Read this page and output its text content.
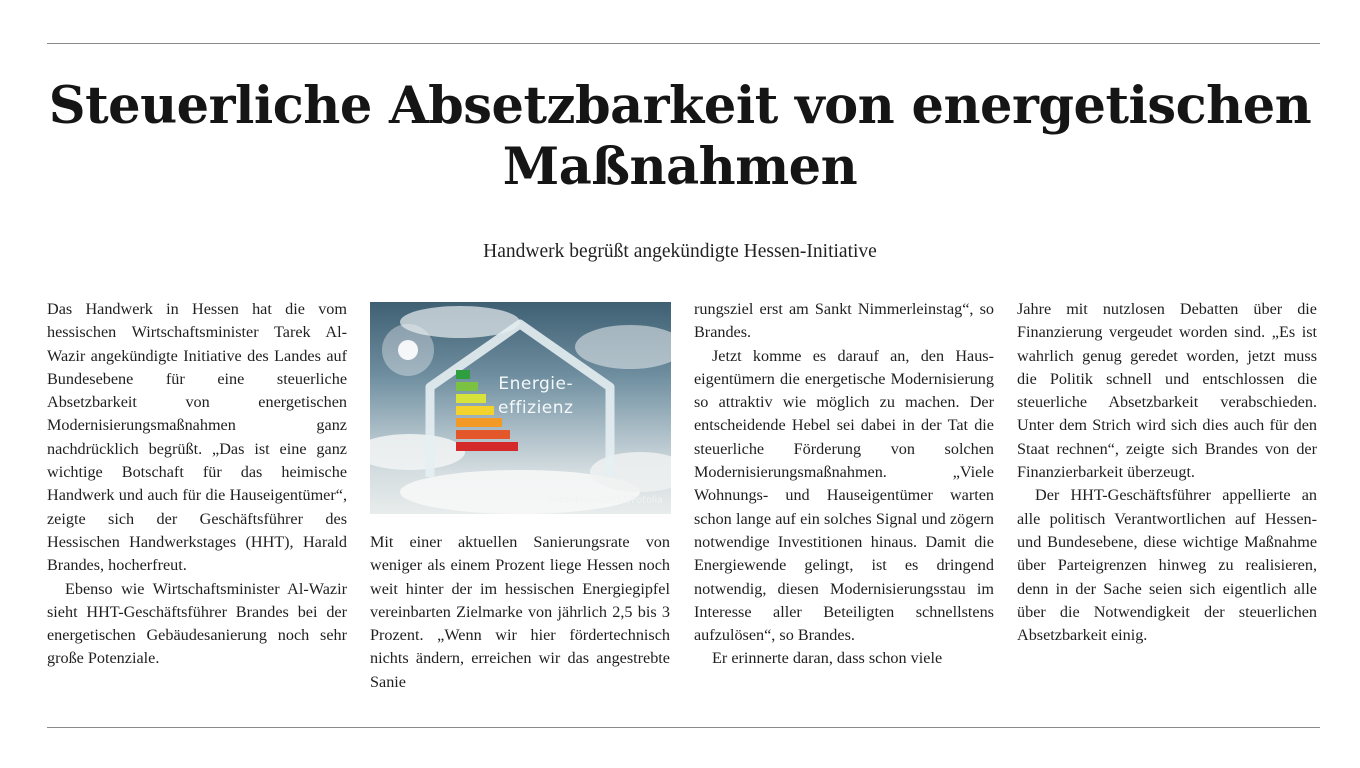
Steuerliche Absetzbarkeit von energetischen Maßnahmen
Handwerk begrüßt angekündigte Hessen-Initiative

Das Handwerk in Hessen hat die vom hessischen Wirtschaftsminister Tarek Al-Wazir angekündigte Initiative des Landes auf Bundesebene für eine steuerliche Absetzbarkeit von energetischen Modernisierungsmaßnahmen ganz nachdrücklich begrüßt. „Das ist eine ganz wichtige Botschaft für das heimische Handwerk und auch für die Hauseigentümer“, zeigte sich der Geschäftsführer des Hessischen Handwerkstages (HHT), Harald Brandes, hocherfreut.

Ebenso wie Wirtschaftsminister Al-Wazir sieht HHT-Geschäftsführer Brandes bei der energetischen Gebäudesanierung noch sehr große Potenziale.

Energie-
effizienz
Foto: Marco2811/Fotolia

Mit einer aktuellen Sanierungsrate von weniger als einem Prozent liege Hessen noch weit hinter der im hessischen Energiegipfel vereinbarten Zielmarke von jährlich 2,5 bis 3 Prozent. „Wenn wir hier fördertechnisch nichts ändern, erreichen wir das angestrebte Sanie

rungsziel erst am Sankt Nimmerleinstag“, so Brandes.

Jetzt komme es darauf an, den Hauseigentümern die energetische Modernisierung so attraktiv wie möglich zu machen. Der entscheidende Hebel sei dabei in der Tat die steuerliche Förderung von solchen Modernisierungsmaßnahmen. „Viele Wohnungs- und Hauseigentümer warten schon lange auf ein solches Signal und zögern notwendige Investitionen hinaus. Damit die Energiewende gelingt, ist es dringend notwendig, diesen Modernisierungsstau im Interesse aller Beteiligten schnellstens aufzulösen“, so Brandes.

Er erinnerte daran, dass schon viele

Jahre mit nutzlosen Debatten über die Finanzierung vergeudet worden sind. „Es ist wahrlich genug geredet worden, jetzt muss die Politik schnell und entschlossen die steuerliche Absetzbarkeit verabschieden. Unter dem Strich wird sich dies auch für den Staat rechnen“, zeigte sich Brandes von der Finanzierbarkeit überzeugt.

Der HHT-Geschäftsführer appellierte an alle politisch Verantwortlichen auf Hessen- und Bundesebene, diese wichtige Maßnahme über Parteigrenzen hinweg zu realisieren, denn in der Sache seien sich eigentlich alle über die Notwendigkeit der steuerlichen Absetzbarkeit einig.
